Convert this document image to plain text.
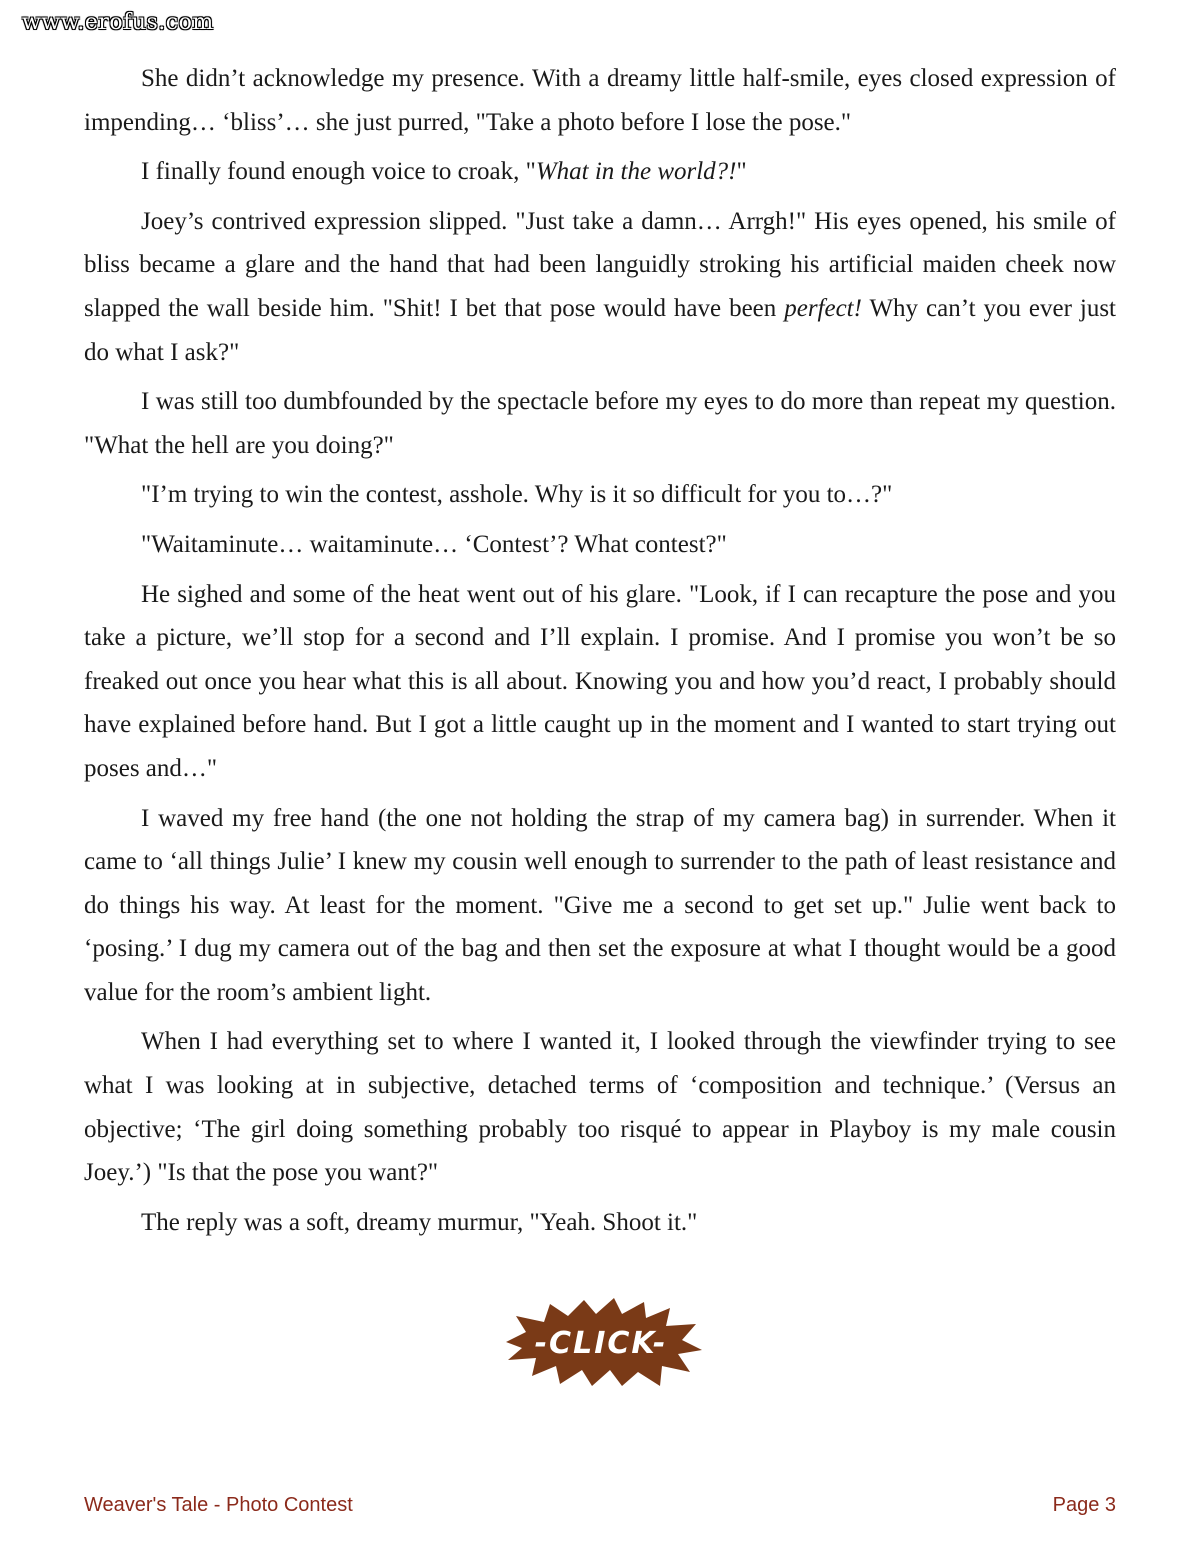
www.erofus.com

She didn’t acknowledge my presence. With a dreamy little half-smile, eyes closed expression of impending… ‘bliss’… she just purred, "Take a photo before I lose the pose."

I finally found enough voice to croak, "What in the world?!"

Joey’s contrived expression slipped. "Just take a damn… Arrgh!" His eyes opened, his smile of bliss became a glare and the hand that had been languidly stroking his artificial maiden cheek now slapped the wall beside him. "Shit! I bet that pose would have been perfect! Why can’t you ever just do what I ask?"

I was still too dumbfounded by the spectacle before my eyes to do more than repeat my question. "What the hell are you doing?"

"I’m trying to win the contest, asshole. Why is it so difficult for you to…?"

"Waitaminute… waitaminute… ‘Contest’? What contest?"

He sighed and some of the heat went out of his glare. "Look, if I can recapture the pose and you take a picture, we’ll stop for a second and I’ll explain. I promise. And I promise you won’t be so freaked out once you hear what this is all about. Knowing you and how you’d react, I probably should have explained before hand. But I got a little caught up in the moment and I wanted to start trying out poses and…"

I waved my free hand (the one not holding the strap of my camera bag) in surrender. When it came to ‘all things Julie’ I knew my cousin well enough to surrender to the path of least resistance and do things his way. At least for the moment. "Give me a second to get set up." Julie went back to ‘posing.’ I dug my camera out of the bag and then set the exposure at what I thought would be a good value for the room’s ambient light.

When I had everything set to where I wanted it, I looked through the viewfinder trying to see what I was looking at in subjective, detached terms of ‘composition and technique.’ (Versus an objective; ‘The girl doing something probably too risqué to appear in Playboy is my male cousin Joey.’) "Is that the pose you want?"

The reply was a soft, dreamy murmur, "Yeah. Shoot it."

-CLICK-
Weaver's Tale - Photo Contest	Page 3
